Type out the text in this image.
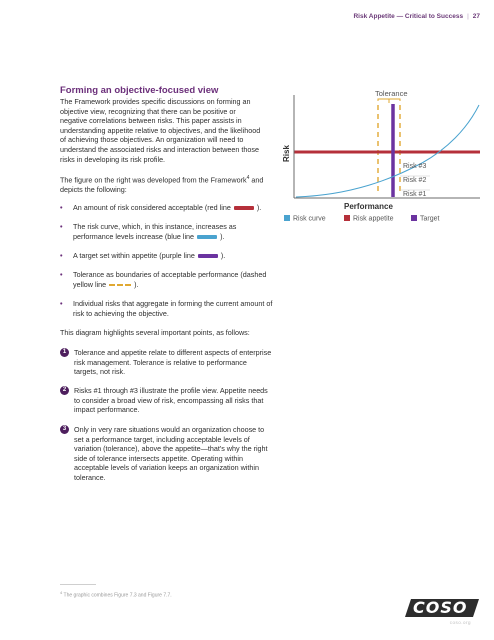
Risk Appetite — Critical to Success | 27
Forming an objective-focused view
The Framework provides specific discussions on forming an objective view, recognizing that there can be positive or negative correlations between risks. This paper assists in understanding appetite relative to objectives, and the likelihood of achieving those objectives. An organization will need to understand the associated risks and interaction between those risks in developing its risk profile.
The figure on the right was developed from the Framework$^4$ and depicts the following:
• An amount of risk considered acceptable (red line	).
• The risk curve, which, in this instance, increases as performance levels increase (blue line	).
• A target set within appetite (purple line	).
• Tolerance as boundaries of acceptable performance (dashed yellow line	).
• Individual risks that aggregate in forming the current amount of risk to achieving the objective.
This diagram highlights several important points, as follows:
1	Tolerance and appetite relate to different aspects of enterprise risk management. Tolerance is relative to performance targets, not risk.
2	Risks #1 through #3 illustrate the profile view. Appetite needs to consider a broad view of risk, encompassing all risks that impact performance.
3	Only in very rare situations would an organization choose to set a performance target, including acceptable levels of variation (tolerance), above the appetite—that's why the right side of tolerance intersects appetite. Operating within acceptable levels of variation keeps an organization within tolerance.
Tolerance
Risk
Performance
Risk #3
Risk #2
Risk #1
Risk curve	Risk appetite	Target
$^4$ The graphic combines Figure 7.3 and Figure 7.7.
COSO
coso.org
